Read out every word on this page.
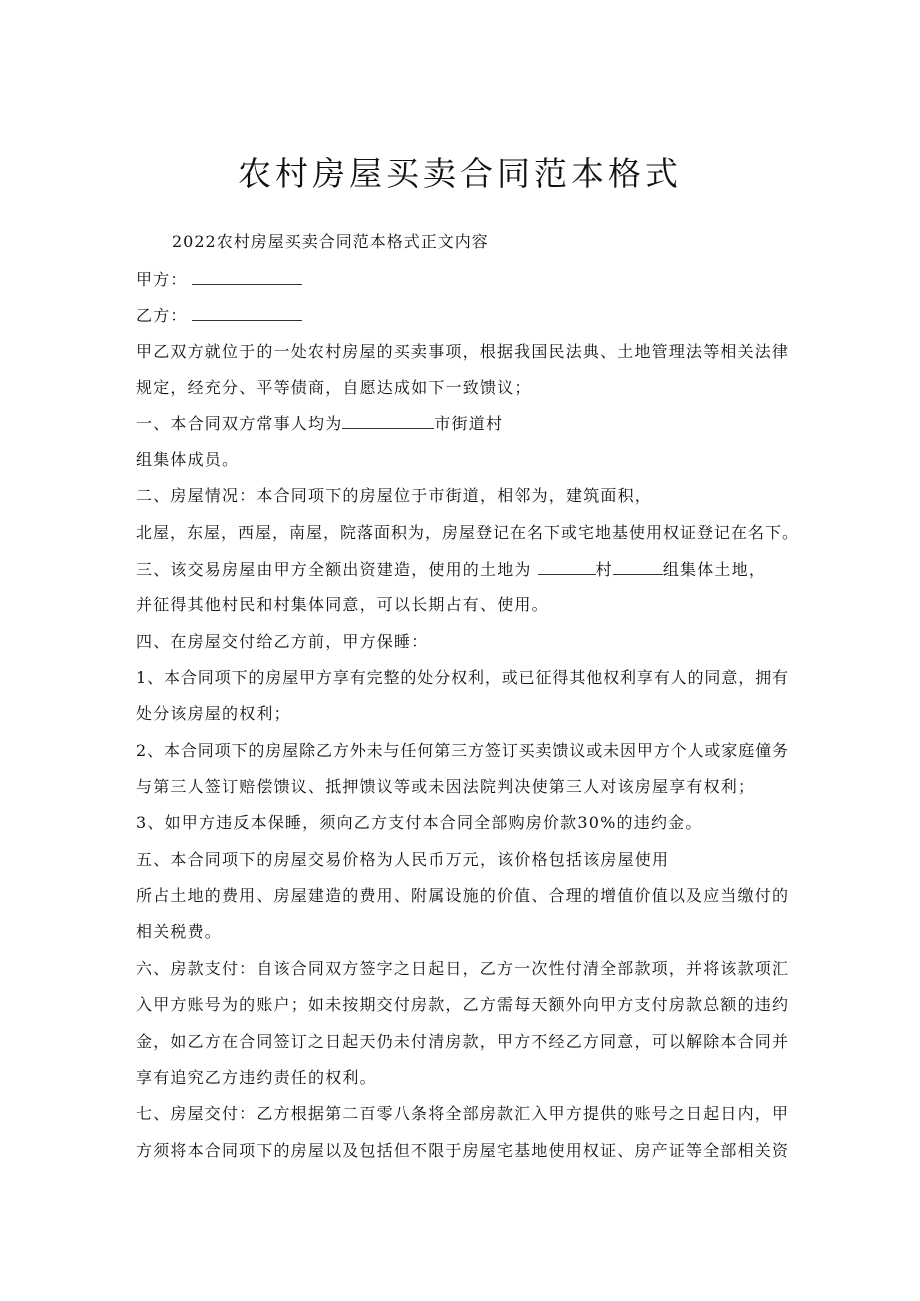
农村房屋买卖合同范本格式

2022农村房屋买卖合同范本格式正文内容

甲方：

乙方：

甲乙双方就位于的一处农村房屋的买卖事项，根据我国民法典、土地管理法等相关法律

规定，经充分、平等债商，自愿达成如下一致馈议；

一、本合同双方常事人均为	市街道村

组集体成员。

二、房屋情况：本合同项下的房屋位于市街道，相邻为，建筑面积，

北屋，东屋，西屋，南屋，院落面积为，房屋登记在名下或宅地基使用权证登记在名下。

三、该交易房屋由甲方全额出资建造，使用的土地为	村	组集体土地，

并征得其他村民和村集体同意，可以长期占有、使用。

四、在房屋交付给乙方前，甲方保睡：

1、本合同项下的房屋甲方享有完整的处分权利，或已征得其他权利享有人的同意，拥有

处分该房屋的权利；

2、本合同项下的房屋除乙方外未与任何第三方签订买卖馈议或未因甲方个人或家庭僮务

与第三人签订赔偿馈议、抵押馈议等或未因法院判决使第三人对该房屋享有权利；

3、如甲方违反本保睡，须向乙方支付本合同全部购房价款30%的违约金。

五、本合同项下的房屋交易价格为人民币万元，该价格包括该房屋使用

所占土地的费用、房屋建造的费用、附属设施的价值、合理的增值价值以及应当缴付的

相关税费。

六、房款支付：自该合同双方签字之日起日，乙方一次性付清全部款项，并将该款项汇

入甲方账号为的账户；如未按期交付房款，乙方需每天额外向甲方支付房款总额的违约

金，如乙方在合同签订之日起天仍未付清房款，甲方不经乙方同意，可以解除本合同并

享有追究乙方违约责任的权利。

七、房屋交付：乙方根据第二百零八条将全部房款汇入甲方提供的账号之日起日内，甲

方须将本合同项下的房屋以及包括但不限于房屋宅基地使用权证、房产证等全部相关资
